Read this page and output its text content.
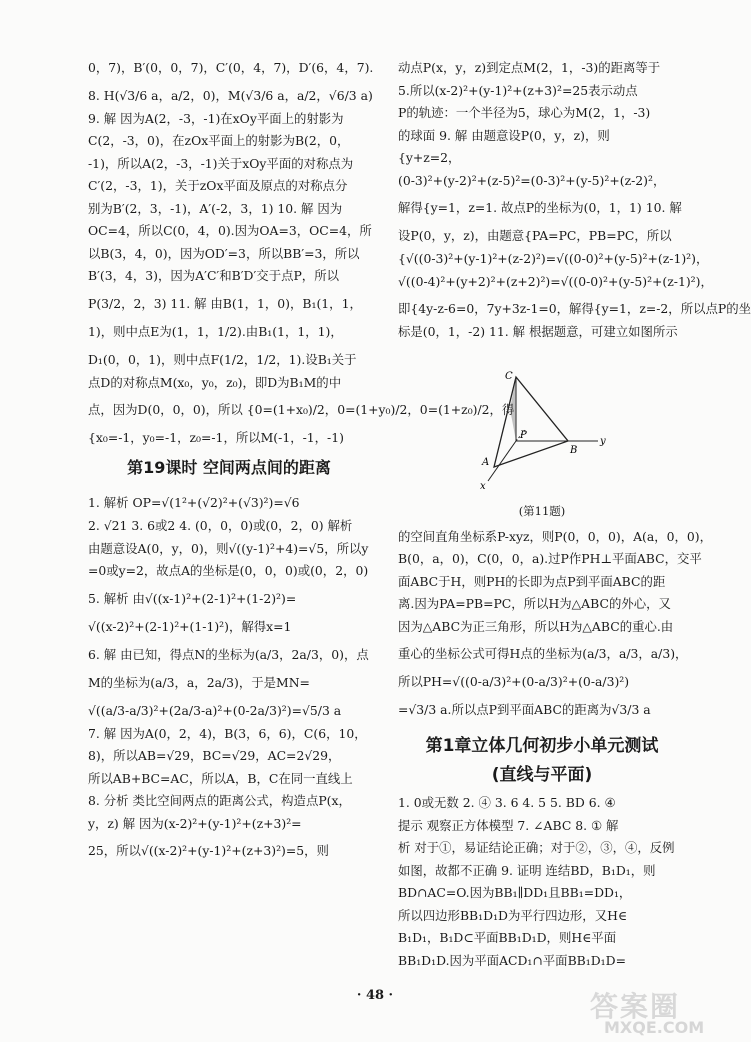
0，7)，B′(0，0，7)，C′(0，4，7)，D′(6，4，7).
8. H(√3/6 a，a/2，0)，M(√3/6 a，a/2，√6/3 a)
9. 解 因为A(2，-3，-1)在xOy平面上的射影为
C(2，-3，0)，在zOx平面上的射影为B(2，0，
-1)，所以A(2，-3，-1)关于xOy平面的对称点为
C′(2，-3，1)，关于zOx平面及原点的对称点分
别为B′(2，3，-1)，A′(-2，3，1) 10. 解 因为
OC=4，所以C(0，4，0).因为OA=3，OC=4，所
以B(3，4，0)，因为OD′=3，所以BB′=3，所以
B′(3，4，3)，因为A′C′和B′D′交于点P，所以
P(3/2，2，3) 11. 解 由B(1，1，0)，B₁(1，1，
1)，则中点E为(1，1，1/2).由B₁(1，1，1)，
D₁(0，0，1)，则中点F(1/2，1/2，1).设B₁关于
点D的对称点M(x₀，y₀，z₀)，即D为B₁M的中
点，因为D(0，0，0)，所以 {0=(1+x₀)/2，0=(1+y₀)/2，0=(1+z₀)/2，得
{x₀=-1，y₀=-1，z₀=-1，所以M(-1，-1，-1)
第19课时 空间两点间的距离
1. 解析 OP=√(1²+(√2)²+(√3)²)=√6
2. √21 3. 6或2 4. (0，0，0)或(0，2，0) 解析
由题意设A(0，y，0)，则√((y-1)²+4)=√5，所以y
=0或y=2，故点A的坐标是(0，0，0)或(0，2，0)
5. 解析 由√((x-1)²+(2-1)²+(1-2)²)=
√((x-2)²+(2-1)²+(1-1)²)，解得x=1
6. 解 由已知，得点N的坐标为(a/3，2a/3，0)，点
M的坐标为(a/3，a，2a/3)，于是MN=
√((a/3-a/3)²+(2a/3-a)²+(0-2a/3)²)=√5/3 a
7. 解 因为A(0，2，4)，B(3，6，6)，C(6，10，
8)，所以AB=√29，BC=√29，AC=2√29，
所以AB+BC=AC，所以A，B，C在同一直线上
8. 分析 类比空间两点的距离公式，构造点P(x，
y，z) 解 因为(x-2)²+(y-1)²+(z+3)²=
25，所以√((x-2)²+(y-1)²+(z+3)²)=5，则
动点P(x，y，z)到定点M(2，1，-3)的距离等于
5.所以(x-2)²+(y-1)²+(z+3)²=25表示动点
P的轨迹：一个半径为5，球心为M(2，1，-3)
的球面 9. 解 由题意设P(0，y，z)，则
{y+z=2，
(0-3)²+(y-2)²+(z-5)²=(0-3)²+(y-5)²+(z-2)²，
解得{y=1，z=1. 故点P的坐标为(0，1，1) 10. 解
设P(0，y，z)，由题意{PA=PC，PB=PC，所以
{√((0-3)²+(y-1)²+(z-2)²)=√((0-0)²+(y-5)²+(z-1)²)，
√((0-4)²+(y+2)²+(z+2)²)=√((0-0)²+(y-5)²+(z-1)²)，
即{4y-z-6=0，7y+3z-1=0，解得{y=1，z=-2，所以点P的坐
标是(0，1，-2) 11. 解 根据题意，可建立如图所示
C
P
A
B
y
x
(第11题)
的空间直角坐标系P-xyz，则P(0，0，0)，A(a，0，0)，
B(0，a，0)，C(0，0，a).过P作PH⊥平面ABC，交平
面ABC于H，则PH的长即为点P到平面ABC的距
离.因为PA=PB=PC，所以H为△ABC的外心，又
因为△ABC为正三角形，所以H为△ABC的重心.由
重心的坐标公式可得H点的坐标为(a/3，a/3，a/3)，
所以PH=√((0-a/3)²+(0-a/3)²+(0-a/3)²)
=√3/3 a.所以点P到平面ABC的距离为√3/3 a
第1章立体几何初步小单元测试
(直线与平面)
1. 0或无数 2. ④ 3. 6 4. 5 5. BD 6. ④
提示 观察正方体模型 7. ∠ABC 8. ① 解
析 对于①，易证结论正确；对于②，③，④，反例
如图，故都不正确 9. 证明 连结BD，B₁D₁，则
BD∩AC=O.因为BB₁∥DD₁且BB₁=DD₁，
所以四边形BB₁D₁D为平行四边形，又H∈
B₁D₁，B₁D⊂平面BB₁D₁D，则H∈平面
BB₁D₁D.因为平面ACD₁∩平面BB₁D₁D=
· 48 ·	答案圈
MXQE.COM
